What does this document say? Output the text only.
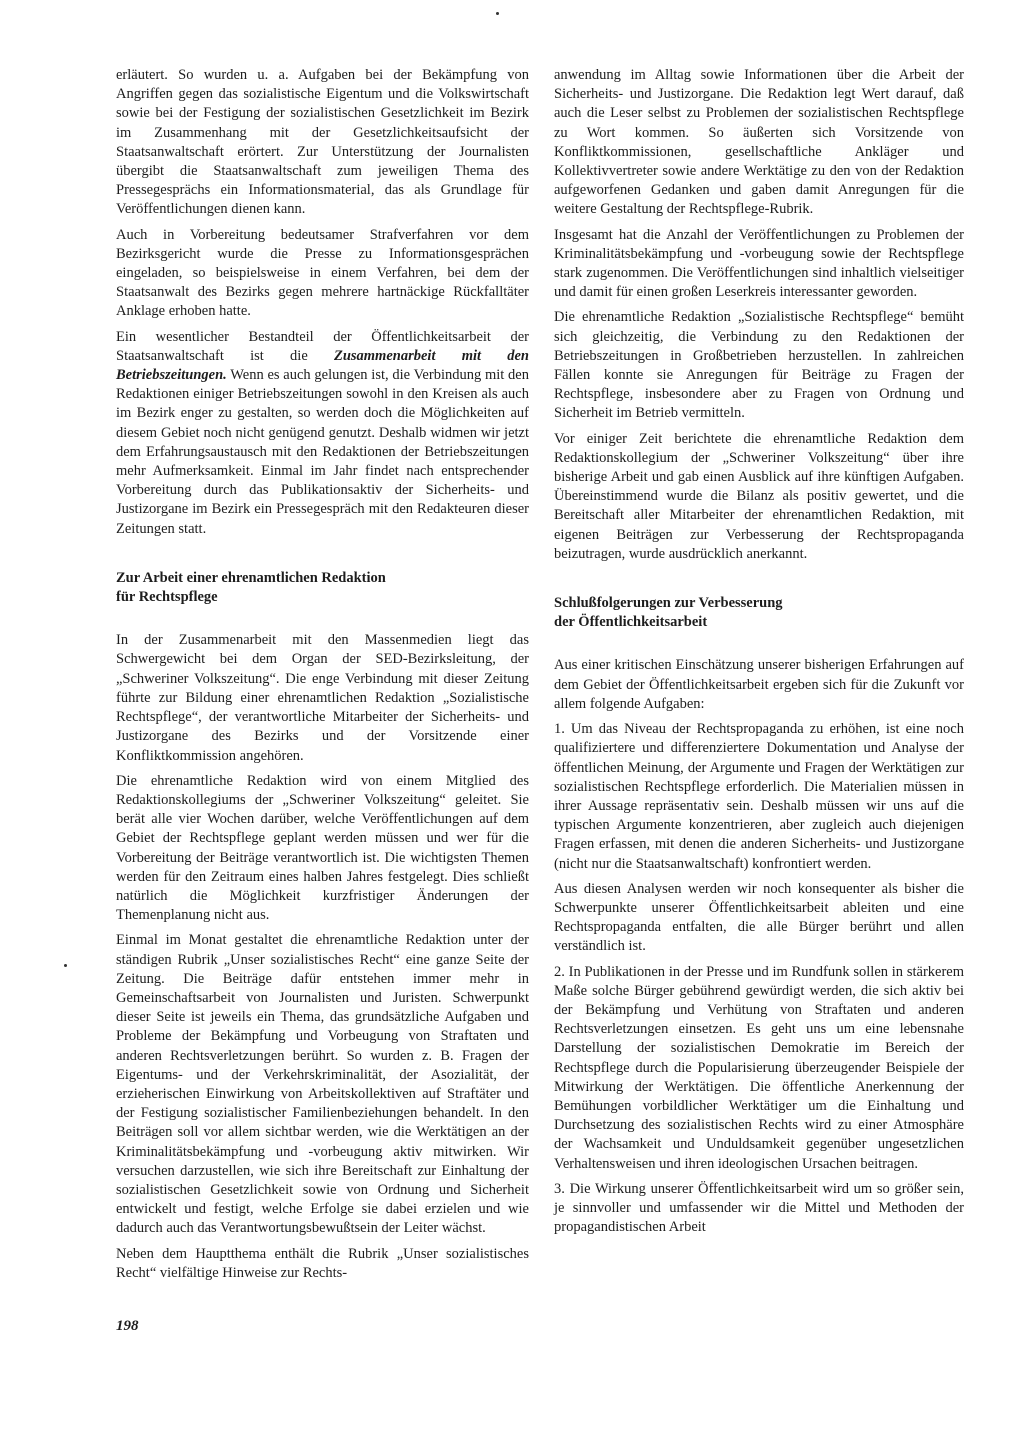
erläutert. So wurden u. a. Aufgaben bei der Bekämpfung von Angriffen gegen das sozialistische Eigentum und die Volkswirtschaft sowie bei der Festigung der sozialistischen Gesetzlichkeit im Bezirk im Zusammenhang mit der Gesetzlichkeitsaufsicht der Staatsanwaltschaft erörtert. Zur Unterstützung der Journalisten übergibt die Staatsanwaltschaft zum jeweiligen Thema des Pressegesprächs ein Informationsmaterial, das als Grundlage für Veröffentlichungen dienen kann.

Auch in Vorbereitung bedeutsamer Strafverfahren vor dem Bezirksgericht wurde die Presse zu Informationsgesprächen eingeladen, so beispielsweise in einem Verfahren, bei dem der Staatsanwalt des Bezirks gegen mehrere hartnäckige Rückfalltäter Anklage erhoben hatte.

Ein wesentlicher Bestandteil der Öffentlichkeitsarbeit der Staatsanwaltschaft ist die Zusammenarbeit mit den Betriebszeitungen. Wenn es auch gelungen ist, die Verbindung mit den Redaktionen einiger Betriebszeitungen sowohl in den Kreisen als auch im Bezirk enger zu gestalten, so werden doch die Möglichkeiten auf diesem Gebiet noch nicht genügend genutzt. Deshalb widmen wir jetzt dem Erfahrungsaustausch mit den Redaktionen der Betriebszeitungen mehr Aufmerksamkeit. Einmal im Jahr findet nach entsprechender Vorbereitung durch das Publikationsaktiv der Sicherheits- und Justizorgane im Bezirk ein Pressegespräch mit den Redakteuren dieser Zeitungen statt.

Zur Arbeit einer ehrenamtlichen Redaktion
für Rechtspflege

In der Zusammenarbeit mit den Massenmedien liegt das Schwergewicht bei dem Organ der SED-Bezirksleitung, der „Schweriner Volkszeitung“. Die enge Verbindung mit dieser Zeitung führte zur Bildung einer ehrenamtlichen Redaktion „Sozialistische Rechtspflege“, der verantwortliche Mitarbeiter der Sicherheits- und Justizorgane des Bezirks und der Vorsitzende einer Konfliktkommission angehören.

Die ehrenamtliche Redaktion wird von einem Mitglied des Redaktionskollegiums der „Schweriner Volkszeitung“ geleitet. Sie berät alle vier Wochen darüber, welche Veröffentlichungen auf dem Gebiet der Rechtspflege geplant werden müssen und wer für die Vorbereitung der Beiträge verantwortlich ist. Die wichtigsten Themen werden für den Zeitraum eines halben Jahres festgelegt. Dies schließt natürlich die Möglichkeit kurzfristiger Änderungen der Themenplanung nicht aus.

Einmal im Monat gestaltet die ehrenamtliche Redaktion unter der ständigen Rubrik „Unser sozialistisches Recht“ eine ganze Seite der Zeitung. Die Beiträge dafür entstehen immer mehr in Gemeinschaftsarbeit von Journalisten und Juristen. Schwerpunkt dieser Seite ist jeweils ein Thema, das grundsätzliche Aufgaben und Probleme der Bekämpfung und Vorbeugung von Straftaten und anderen Rechtsverletzungen berührt. So wurden z. B. Fragen der Eigentums- und der Verkehrskriminalität, der Asozialität, der erzieherischen Einwirkung von Arbeitskollektiven auf Straftäter und der Festigung sozialistischer Familienbeziehungen behandelt. In den Beiträgen soll vor allem sichtbar werden, wie die Werktätigen an der Kriminalitätsbekämpfung und -vorbeugung aktiv mitwirken. Wir versuchen darzustellen, wie sich ihre Bereitschaft zur Einhaltung der sozialistischen Gesetzlichkeit sowie von Ordnung und Sicherheit entwickelt und festigt, welche Erfolge sie dabei erzielen und wie dadurch auch das Verantwortungsbewußtsein der Leiter wächst.

Neben dem Hauptthema enthält die Rubrik „Unser sozialistisches Recht“ vielfältige Hinweise zur Rechts-

anwendung im Alltag sowie Informationen über die Arbeit der Sicherheits- und Justizorgane. Die Redaktion legt Wert darauf, daß auch die Leser selbst zu Problemen der sozialistischen Rechtspflege zu Wort kommen. So äußerten sich Vorsitzende von Konfliktkommissionen, gesellschaftliche Ankläger und Kollektivvertreter sowie andere Werktätige zu den von der Redaktion aufgeworfenen Gedanken und gaben damit Anregungen für die weitere Gestaltung der Rechtspflege-Rubrik.

Insgesamt hat die Anzahl der Veröffentlichungen zu Problemen der Kriminalitätsbekämpfung und -vorbeugung sowie der Rechtspflege stark zugenommen. Die Veröffentlichungen sind inhaltlich vielseitiger und damit für einen großen Leserkreis interessanter geworden.

Die ehrenamtliche Redaktion „Sozialistische Rechtspflege“ bemüht sich gleichzeitig, die Verbindung zu den Redaktionen der Betriebszeitungen in Großbetrieben herzustellen. In zahlreichen Fällen konnte sie Anregungen für Beiträge zu Fragen der Rechtspflege, insbesondere aber zu Fragen von Ordnung und Sicherheit im Betrieb vermitteln.

Vor einiger Zeit berichtete die ehrenamtliche Redaktion dem Redaktionskollegium der „Schweriner Volkszeitung“ über ihre bisherige Arbeit und gab einen Ausblick auf ihre künftigen Aufgaben. Übereinstimmend wurde die Bilanz als positiv gewertet, und die Bereitschaft aller Mitarbeiter der ehrenamtlichen Redaktion, mit eigenen Beiträgen zur Verbesserung der Rechtspropaganda beizutragen, wurde ausdrücklich anerkannt.

Schlußfolgerungen zur Verbesserung
der Öffentlichkeitsarbeit

Aus einer kritischen Einschätzung unserer bisherigen Erfahrungen auf dem Gebiet der Öffentlichkeitsarbeit ergeben sich für die Zukunft vor allem folgende Aufgaben:

1. Um das Niveau der Rechtspropaganda zu erhöhen, ist eine noch qualifiziertere und differenziertere Dokumentation und Analyse der öffentlichen Meinung, der Argumente und Fragen der Werktätigen zur sozialistischen Rechtspflege erforderlich. Die Materialien müssen in ihrer Aussage repräsentativ sein. Deshalb müssen wir uns auf die typischen Argumente konzentrieren, aber zugleich auch diejenigen Fragen erfassen, mit denen die anderen Sicherheits- und Justizorgane (nicht nur die Staatsanwaltschaft) konfrontiert werden.

Aus diesen Analysen werden wir noch konsequenter als bisher die Schwerpunkte unserer Öffentlichkeitsarbeit ableiten und eine Rechtspropaganda entfalten, die alle Bürger berührt und allen verständlich ist.

2. In Publikationen in der Presse und im Rundfunk sollen in stärkerem Maße solche Bürger gebührend gewürdigt werden, die sich aktiv bei der Bekämpfung und Verhütung von Straftaten und anderen Rechtsverletzungen einsetzen. Es geht uns um eine lebensnahe Darstellung der sozialistischen Demokratie im Bereich der Rechtspflege durch die Popularisierung überzeugender Beispiele der Mitwirkung der Werktätigen. Die öffentliche Anerkennung der Bemühungen vorbildlicher Werktätiger um die Einhaltung und Durchsetzung des sozialistischen Rechts wird zu einer Atmosphäre der Wachsamkeit und Unduldsamkeit gegenüber ungesetzlichen Verhaltensweisen und ihren ideologischen Ursachen beitragen.

3. Die Wirkung unserer Öffentlichkeitsarbeit wird um so größer sein, je sinnvoller und umfassender wir die Mittel und Methoden der propagandistischen Arbeit

198
